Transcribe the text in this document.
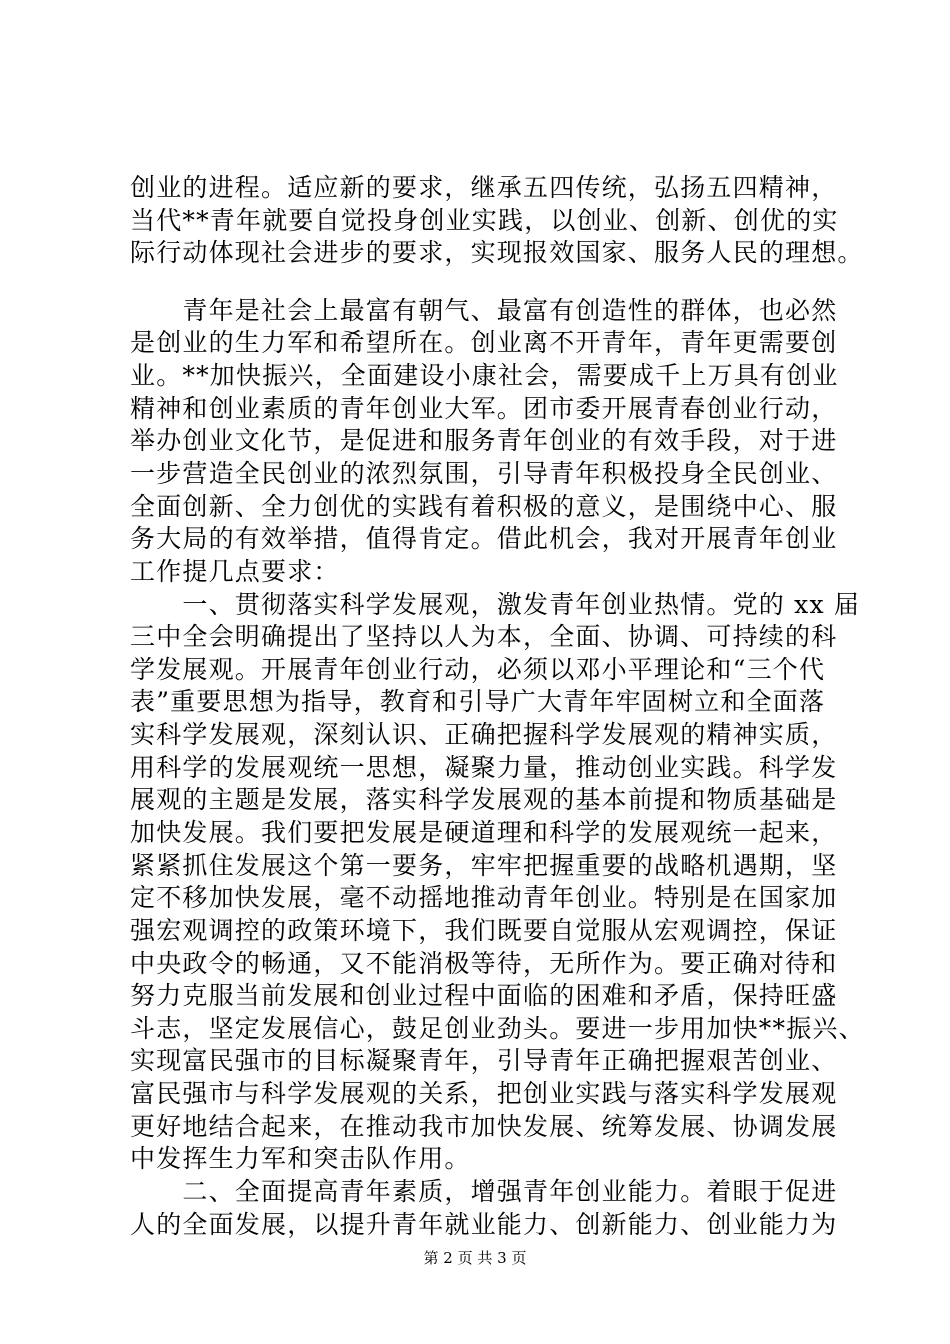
创业的进程。适应新的要求，继承五四传统，弘扬五四精神，
当代**青年就要自觉投身创业实践，以创业、创新、创优的实
际行动体现社会进步的要求，实现报效国家、服务人民的理想。
　　青年是社会上最富有朝气、最富有创造性的群体，也必然
是创业的生力军和希望所在。创业离不开青年，青年更需要创
业。**加快振兴，全面建设小康社会，需要成千上万具有创业
精神和创业素质的青年创业大军。团市委开展青春创业行动，
举办创业文化节，是促进和服务青年创业的有效手段，对于进
一步营造全民创业的浓烈氛围，引导青年积极投身全民创业、
全面创新、全力创优的实践有着积极的意义，是围绕中心、服
务大局的有效举措，值得肯定。借此机会，我对开展青年创业
工作提几点要求：
　　一、贯彻落实科学发展观，激发青年创业热情。党的 xx 届
三中全会明确提出了坚持以人为本，全面、协调、可持续的科
学发展观。开展青年创业行动，必须以邓小平理论和“三个代
表”重要思想为指导，教育和引导广大青年牢固树立和全面落
实科学发展观，深刻认识、正确把握科学发展观的精神实质，
用科学的发展观统一思想，凝聚力量，推动创业实践。科学发
展观的主题是发展，落实科学发展观的基本前提和物质基础是
加快发展。我们要把发展是硬道理和科学的发展观统一起来，
紧紧抓住发展这个第一要务，牢牢把握重要的战略机遇期，坚
定不移加快发展，毫不动摇地推动青年创业。特别是在国家加
强宏观调控的政策环境下，我们既要自觉服从宏观调控，保证
中央政令的畅通，又不能消极等待，无所作为。要正确对待和
努力克服当前发展和创业过程中面临的困难和矛盾，保持旺盛
斗志，坚定发展信心，鼓足创业劲头。要进一步用加快**振兴、
实现富民强市的目标凝聚青年，引导青年正确把握艰苦创业、
富民强市与科学发展观的关系，把创业实践与落实科学发展观
更好地结合起来，在推动我市加快发展、统筹发展、协调发展
中发挥生力军和突击队作用。
　　二、全面提高青年素质，增强青年创业能力。着眼于促进
第 2 页 共 3 页
人的全面发展，以提升青年就业能力、创新能力、创业能力为
